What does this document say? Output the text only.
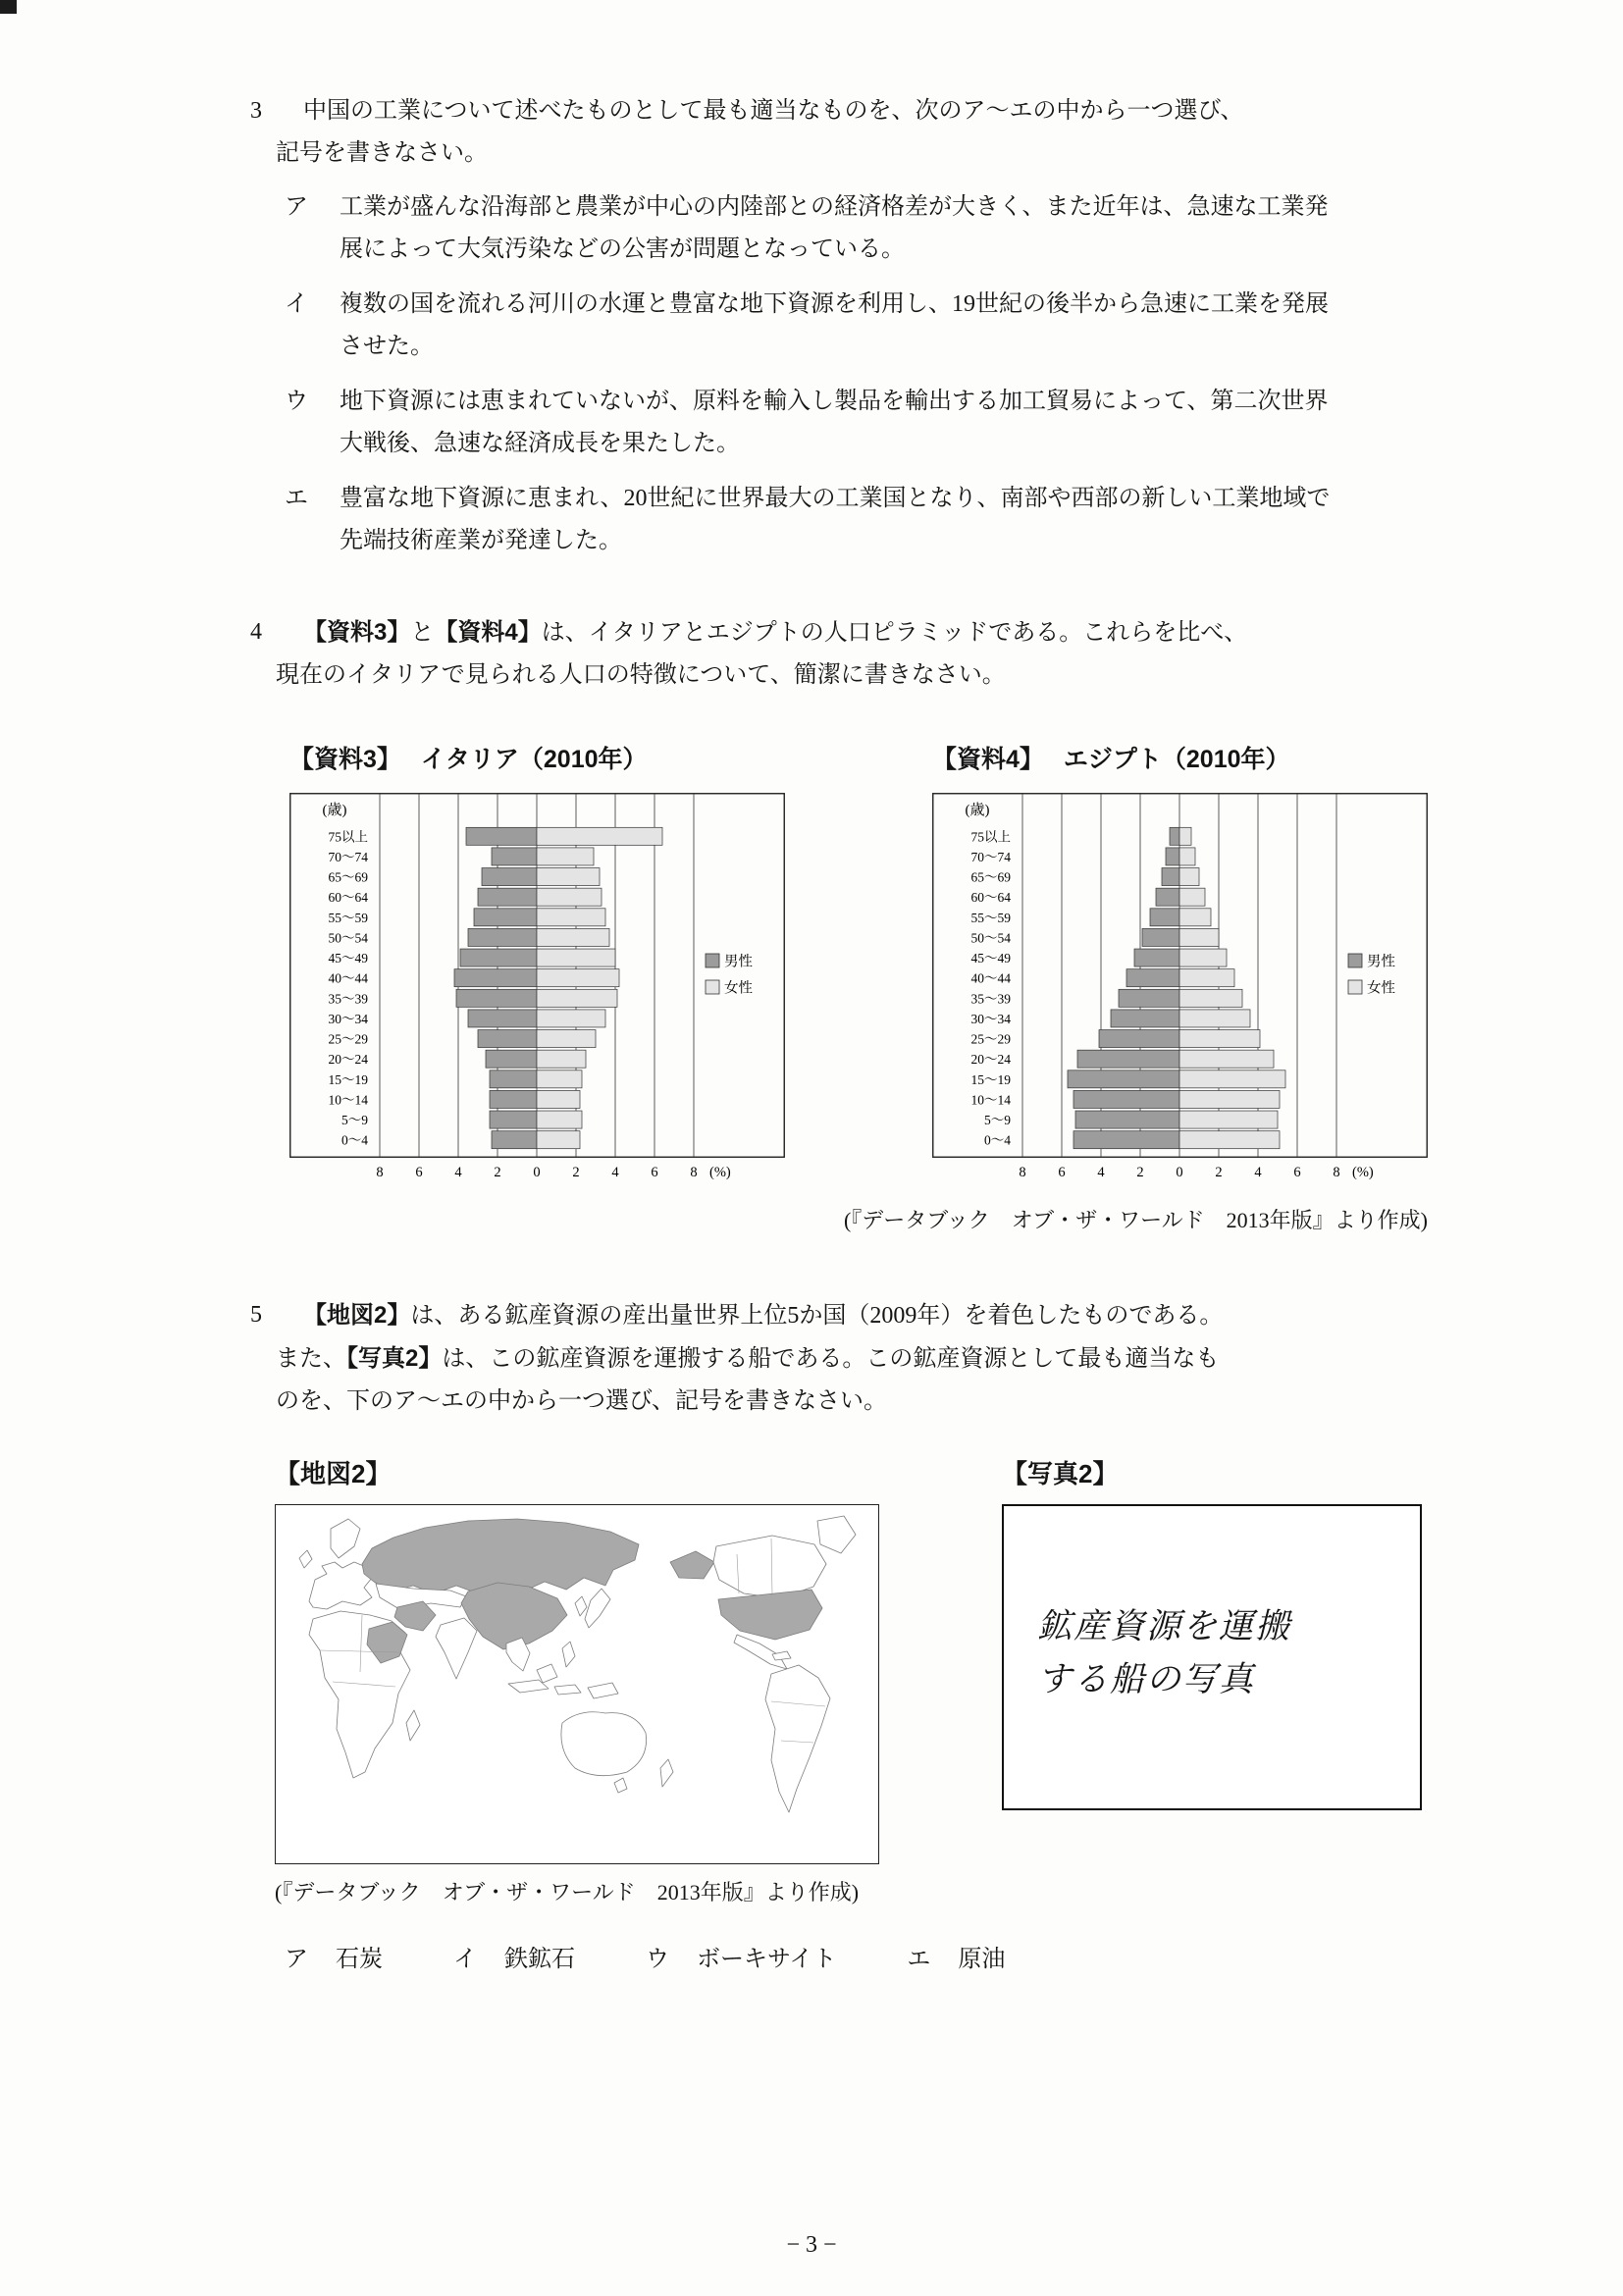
3	中国の工業について述べたものとして最も適当なものを、次のア～エの中から一つ選び、
記号を書きなさい。
ア 工業が盛んな沿海部と農業が中心の内陸部との経済格差が大きく、また近年は、急速な工業発展によって大気汚染などの公害が問題となっている。
イ 複数の国を流れる河川の水運と豊富な地下資源を利用し、19世紀の後半から急速に工業を発展させた。
ウ 地下資源には恵まれていないが、原料を輸入し製品を輸出する加工貿易によって、第二次世界大戦後、急速な経済成長を果たした。
エ 豊富な地下資源に恵まれ、20世紀に世界最大の工業国となり、南部や西部の新しい工業地域で先端技術産業が発達した。
4	【資料3】と【資料4】は、イタリアとエジプトの人口ピラミッドである。これらを比べ、
現在のイタリアで見られる人口の特徴について、簡潔に書きなさい。
【資料3】 イタリア（2010年）
(歳)
75以上
70～74
65～69
60～64
55～59
50～54
45～49
40～44
35～39
30～34
25～29
20～24
15～19
10～14
5～9
0～4
男性
女性
8 6 4 2 0 2 4 6 8 (%)
【資料4】 エジプト（2010年）
(歳)
75以上
70～74
65～69
60～64
55～59
50～54
45～49
40～44
35～39
30～34
25～29
20～24
15～19
10～14
5～9
0～4
男性
女性
8 6 4 2 0 2 4 6 8 (%)
(『データブック　オブ・ザ・ワールド　2013年版』より作成)
5	【地図2】は、ある鉱産資源の産出量世界上位5か国（2009年）を着色したものである。
また、【写真2】は、この鉱産資源を運搬する船である。この鉱産資源として最も適当なも
のを、下のア～エの中から一つ選び、記号を書きなさい。
【地図2】
(『データブック　オブ・ザ・ワールド　2013年版』より作成)
【写真2】
鉱産資源を運搬
する船の写真
ア 石炭	イ 鉄鉱石	ウ ボーキサイト	エ 原油
− 3 −
